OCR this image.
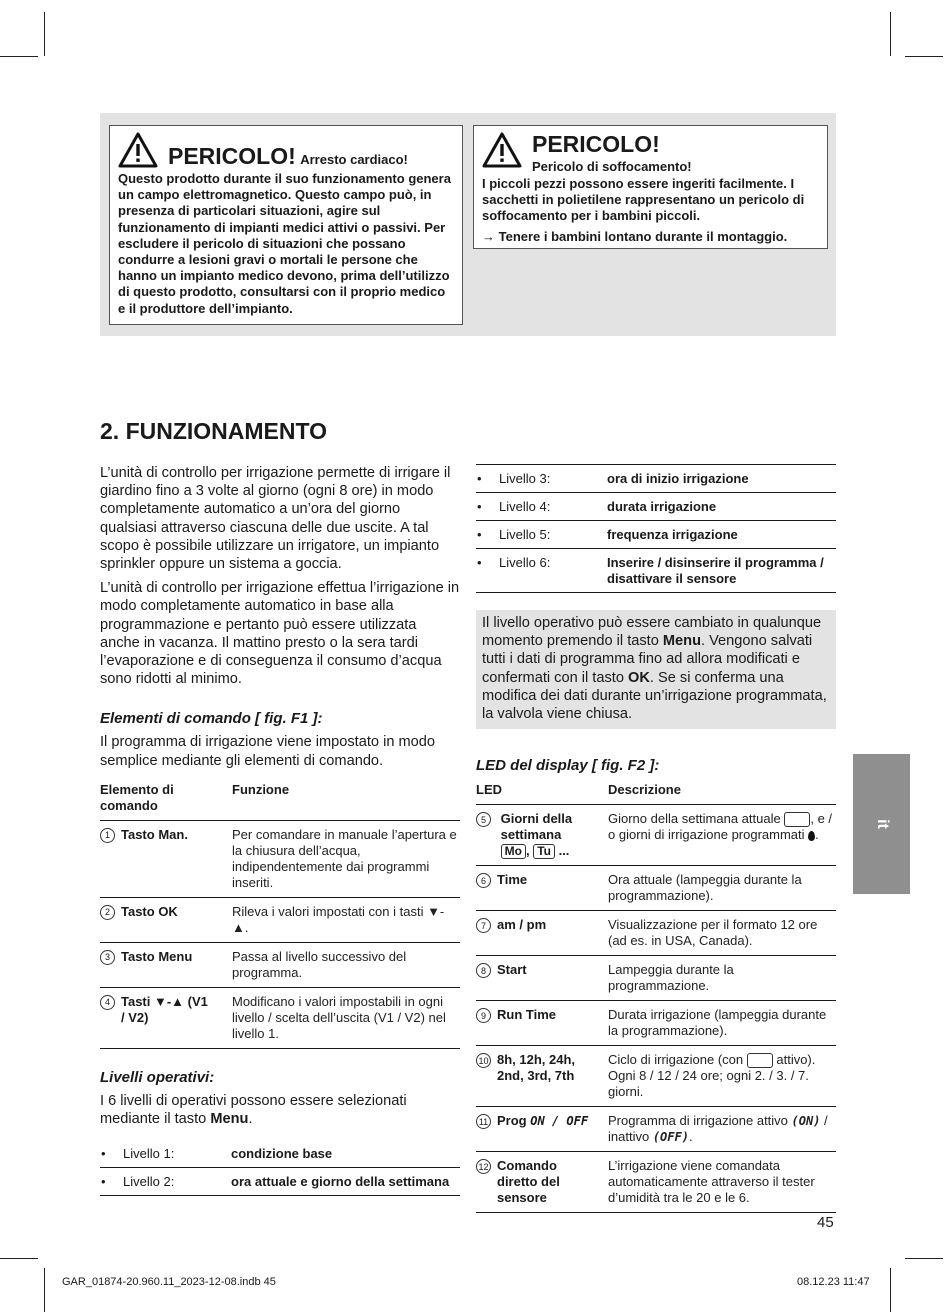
PERICOLO! Arresto cardiaco!
Questo prodotto durante il suo funzionamento genera un campo elettromagnetico. Questo campo può, in presenza di particolari situazioni, agire sul funzionamento di impianti medici attivi o passivi. Per escludere il pericolo di situazioni che possano condurre a lesioni gravi o mortali le persone che hanno un impianto medico devono, prima dell’utilizzo di questo prodotto, consultarsi con il proprio medico e il produttore dell’impianto.
PERICOLO!
Pericolo di soffocamento!
I piccoli pezzi possono essere ingeriti facilmente. I sacchetti in polietilene rappresentano un pericolo di soffocamento per i bambini piccoli.
→ Tenere i bambini lontano durante il montaggio.
2. FUNZIONAMENTO

L’unità di controllo per irrigazione permette di irrigare il giardino fino a 3 volte al giorno (ogni 8 ore) in modo completamente automatico a un’ora del giorno qualsiasi attraverso ciascuna delle due uscite. A tal scopo è possibile utilizzare un irrigatore, un impianto sprinkler oppure un sistema a goccia.

L’unità di controllo per irrigazione effettua l’irrigazione in modo completamente automatico in base alla programmazione e pertanto può essere utilizzata anche in vacanza. Il mattino presto o la sera tardi l’evaporazione e di conseguenza il consumo d’acqua sono ridotti al minimo.

Elementi di comando [ fig. F1 ]:

Il programma di irrigazione viene impostato in modo semplice mediante gli elementi di comando.

Elemento di comando	Funzione
1 Tasto Man.	Per comandare in manuale l’apertura e la chiusura dell’acqua, indipendentemente dai programmi inseriti.
2 Tasto OK	Rileva i valori impostati con i tasti ▼-▲.
3 Tasto Menu	Passa al livello successivo del programma.
4 Tasti ▼-▲ (V1 / V2)	Modificano i valori impostabili in ogni livello / scelta dell’uscita (V1 / V2) nel livello 1.
Livelli operativi:

I 6 livelli di operativi possono essere selezionati mediante il tasto Menu.

•	Livello 1:	condizione base
•	Livello 2:	ora attuale e giorno della settimana
•	Livello 3:	ora di inizio irrigazione
•	Livello 4:	durata irrigazione
•	Livello 5:	frequenza irrigazione
•	Livello 6:	Inserire / disinserire il programma / disattivare il sensore
Il livello operativo può essere cambiato in qualunque momento premendo il tasto Menu. Vengono salvati tutti i dati di programma fino ad allora modificati e confermati con il tasto OK. Se si conferma una modifica dei dati durante un’irrigazione programmata, la valvola viene chiusa.
LED del display [ fig. F2 ]:
LED	Descrizione
5 Giorni della settimana
Mo , Tu ...	Giorno della settimana attuale , e / o giorni di irrigazione programmati .
6 Time	Ora attuale (lampeggia durante la programmazione).
7 am / pm	Visualizzazione per il formato 12 ore (ad es. in USA, Canada).
8 Start	Lampeggia durante la programmazione.
9 Run Time	Durata irrigazione (lampeggia durante la programmazione).
10 8h, 12h, 24h, 2nd, 3rd, 7th	Ciclo di irrigazione (con  attivo). Ogni 8 / 12 / 24 ore; ogni 2. / 3. / 7. giorni.
11 Prog ON / OFF	Programma di irrigazione attivo (ON) / inattivo (OFF).
12 Comando diretto del sensore	L’irrigazione viene comandata automaticamente attraverso il tester d’umidità tra le 20 e le 6.
it
45
GAR_01874-20.960.11_2023-12-08.indb 45	08.12.23 11:47
